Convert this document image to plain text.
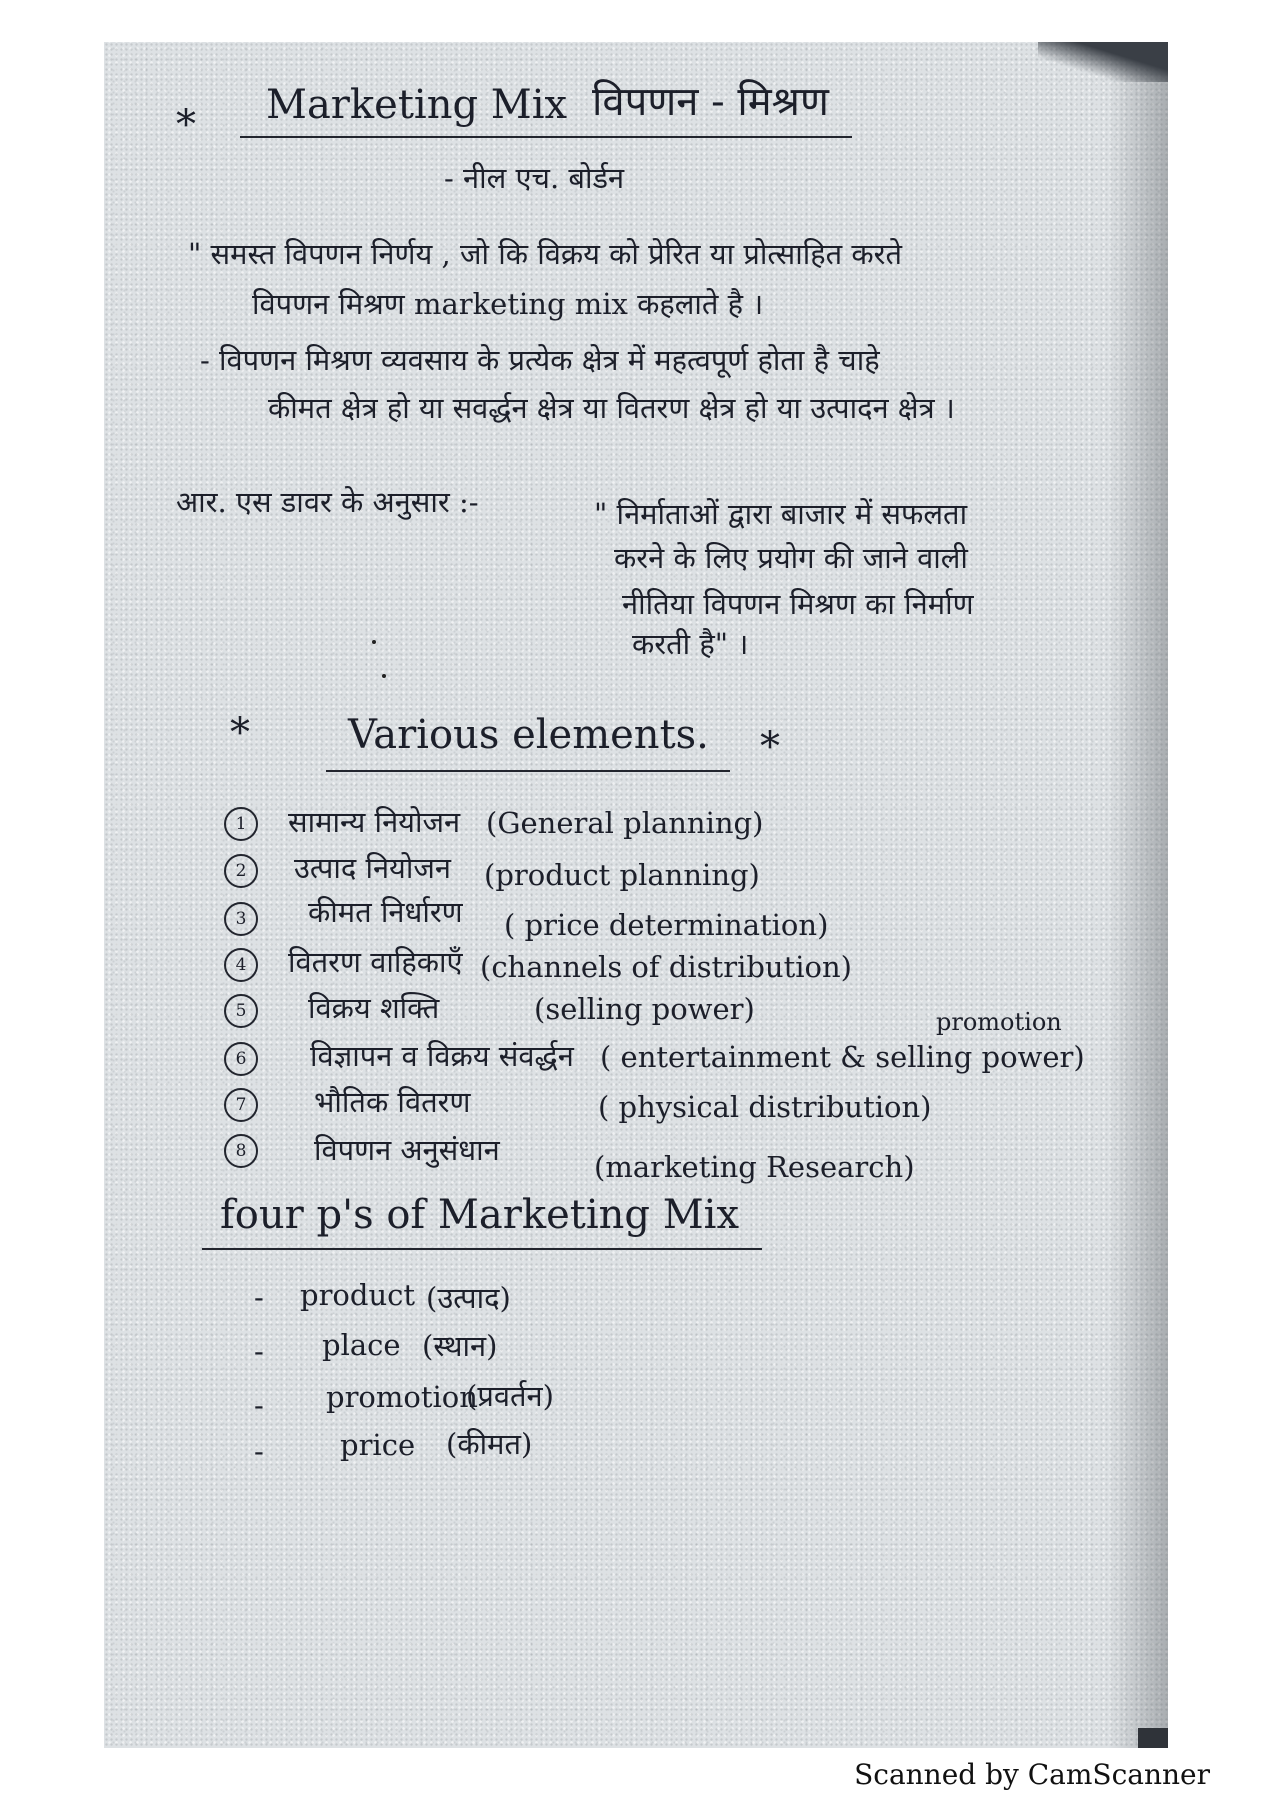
* Marketing Mix विपणन - मिश्रण
- नील एच. बोर्डन
" समस्त विपणन निर्णय , जो कि विक्रय को प्रेरित या प्रोत्साहित करते
विपणन मिश्रण marketing mix कहलाते है ।
- विपणन मिश्रण व्यवसाय के प्रत्येक क्षेत्र में महत्वपूर्ण होता है चाहे
कीमत क्षेत्र हो या सवर्द्धन क्षेत्र या वितरण क्षेत्र हो या उत्पादन क्षेत्र ।
आर. एस डावर के अनुसार :-	" निर्माताओं द्वारा बाजार में सफलता
करने के लिए प्रयोग की जाने वाली
नीतिया विपणन मिश्रण का निर्माण
करती है" ।
* Various elements. *
1	सामान्य नियोजन (General planning)
2	उत्पाद नियोजन (product planning)
3	कीमत निर्धारण ( price determination)
4	वितरण वाहिकाएँ (channels of distribution)
5	विक्रय शक्ति	(selling power)
6	विज्ञापन व विक्रय संवर्द्धन ( entertainment & selling power)
promotion
7	भौतिक वितरण	( physical distribution)
8	विपणन अनुसंधान	(marketing Research)
four p's of Marketing Mix
- product (उत्पाद)
- place (स्थान)
- promotion
(प्रवर्तन)
-	price (कीमत)
Scanned by CamScanner
